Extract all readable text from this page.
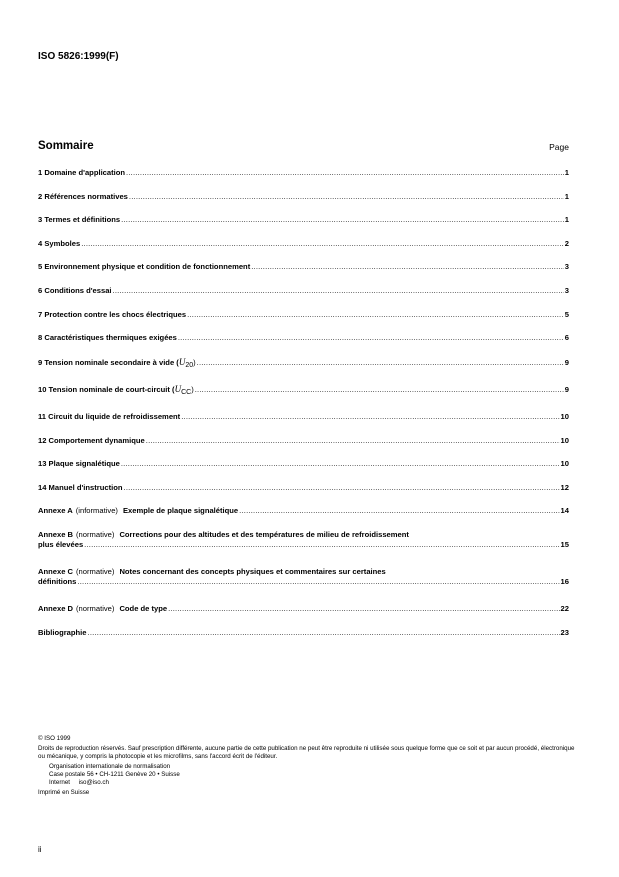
ISO 5826:1999(F)
Sommaire	Page
1 Domaine d'application .....	1
2 Références normatives .....	1
3 Termes et définitions .....	1
4 Symboles .....	2
5 Environnement physique et condition de fonctionnement .....	3
6 Conditions d'essai .....	3
7 Protection contre les chocs électriques .....	5
8 Caractéristiques thermiques exigées .....	6
9 Tension nominale secondaire à vide ( $U_{20}$ ) .....	9
10 Tension nominale de court-circuit ( $U_{CC}$ ) .....	9
11 Circuit du liquide de refroidissement .....	10
12 Comportement dynamique .....	10
13 Plaque signalétique .....	10
14 Manuel d'instruction .....	12
Annexe A (informative) Exemple de plaque signalétique .....	14
Annexe B (normative) Corrections pour des altitudes et des températures de milieu de refroidissement
plus élevées .....	15
Annexe C (normative) Notes concernant des concepts physiques et commentaires sur certaines
définitions .....	16
Annexe D (normative) Code de type .....	22
Bibliographie .....	23
© ISO 1999
Droits de reproduction réservés. Sauf prescription différente, aucune partie de cette publication ne peut être reproduite ni utilisée sous quelque forme que ce soit et par aucun procédé, électronique ou mécanique, y compris la photocopie et les microfilms, sans l'accord écrit de l'éditeur.
Organisation internationale de normalisation
Case postale 56 • CH-1211 Genève 20 • Suisse
Internet     iso@iso.ch
Imprimé en Suisse
ii
